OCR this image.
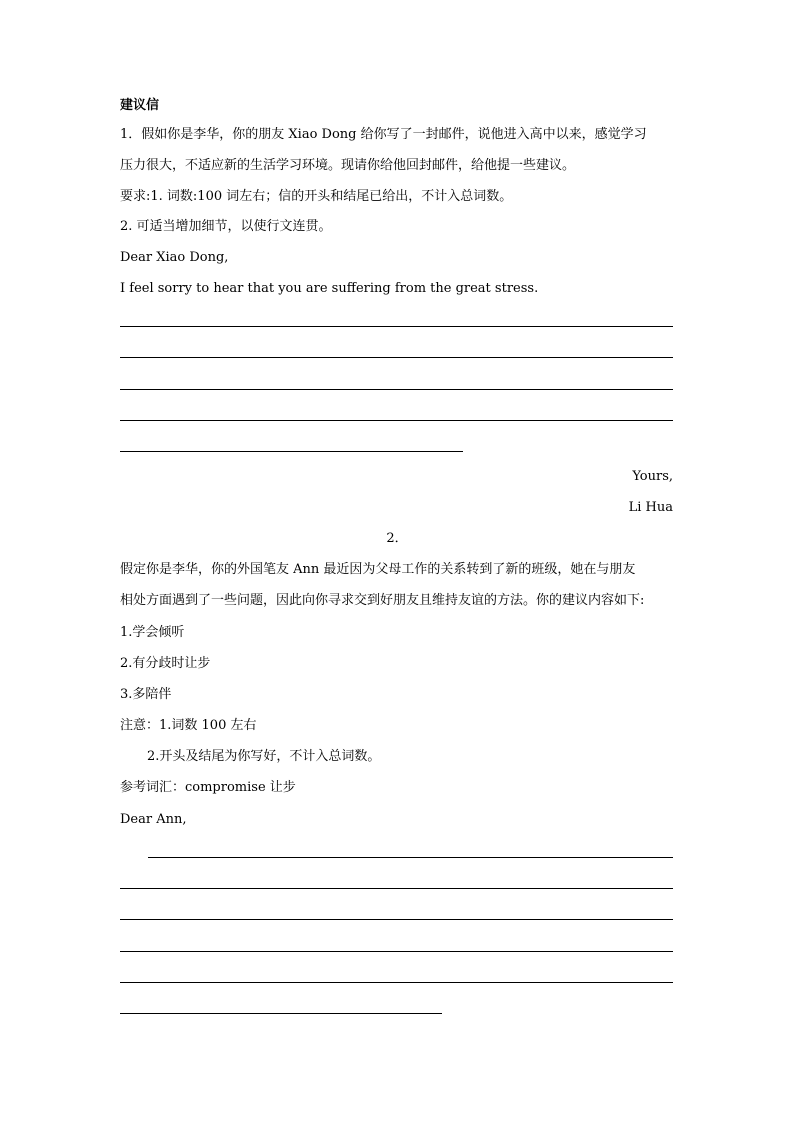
建议信
1．假如你是李华，你的朋友 Xiao Dong 给你写了一封邮件，说他进入高中以来，感觉学习
压力很大，不适应新的生活学习环境。现请你给他回封邮件，给他提一些建议。
要求:1. 词数:100 词左右；信的开头和结尾已给出，不计入总词数。
2. 可适当增加细节，以使行文连贯。
Dear Xiao Dong,
I feel sorry to hear that you are suffering from the great stress.
Yours,
Li Hua
2．
假定你是李华，你的外国笔友 Ann 最近因为父母工作的关系转到了新的班级，她在与朋友
相处方面遇到了一些问题，因此向你寻求交到好朋友且维持友谊的方法。你的建议内容如下:
1.学会倾听
2.有分歧时让步
3.多陪伴
注意：1.词数 100 左右
2.开头及结尾为你写好，不计入总词数。
参考词汇：compromise 让步
Dear Ann,
